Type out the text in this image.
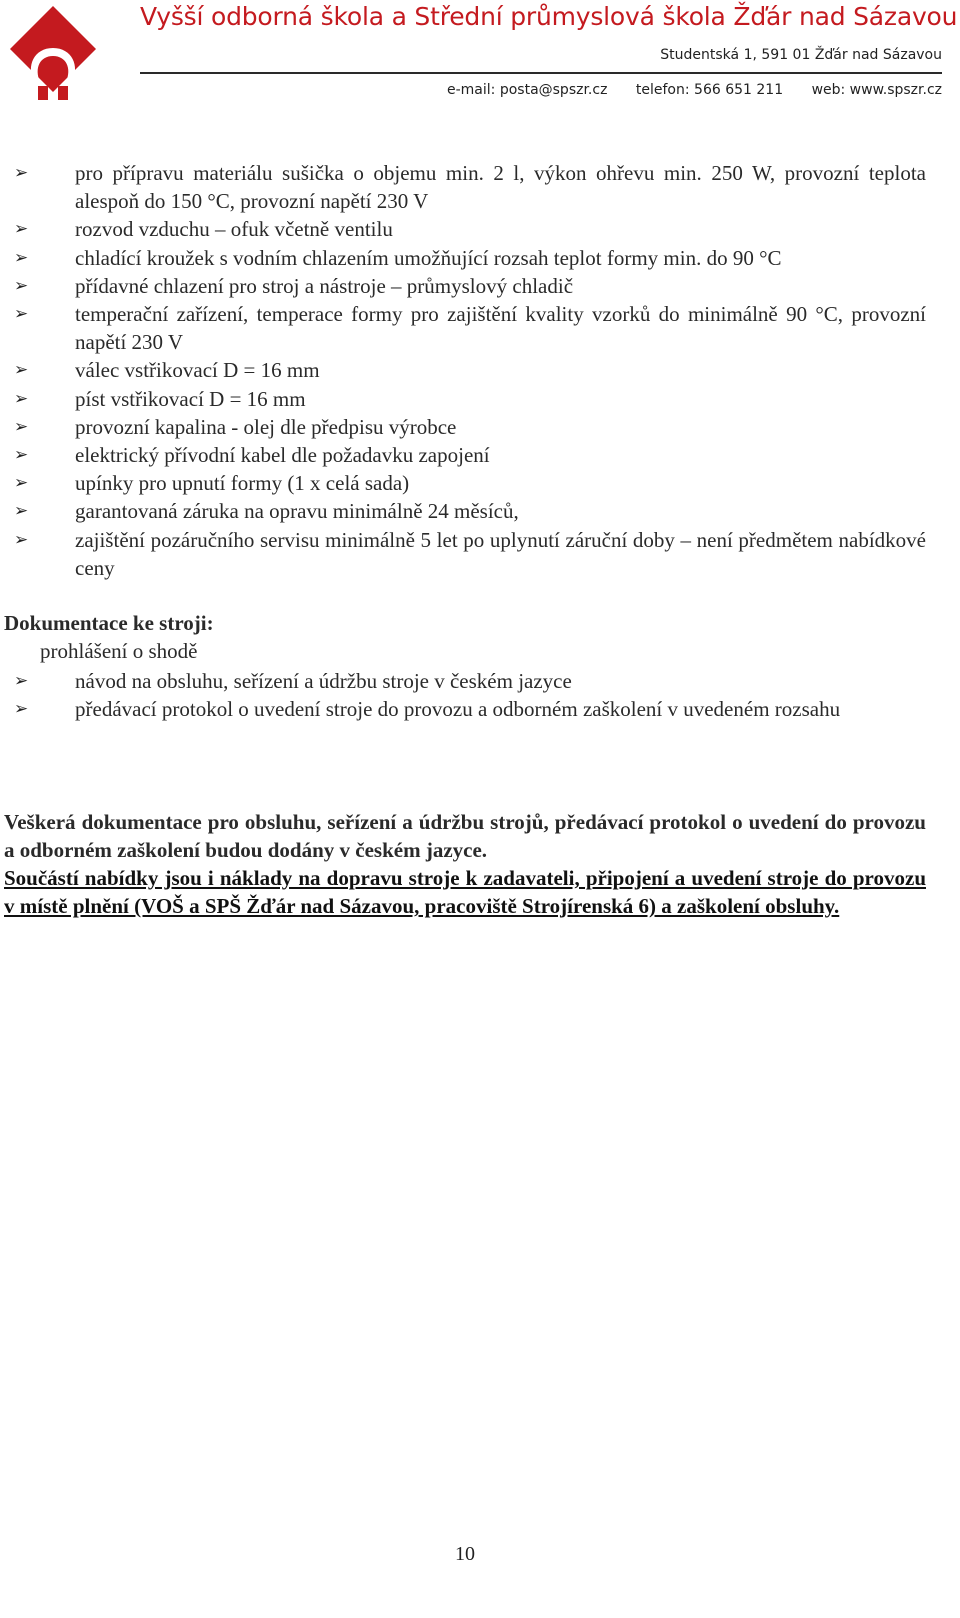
Vyšší odborná škola a Střední průmyslová škola Žďár nad Sázavou
Studentská 1, 591 01 Žďár nad Sázavou
e-mail: posta@spszr.cz telefon: 566 651 211 web: www.spszr.cz
➢ pro přípravu materiálu sušička o objemu min. 2 l, výkon ohřevu min. 250 W, provozní teplota alespoň do 150 °C, provozní napětí 230 V
➢ rozvod vzduchu – ofuk včetně ventilu
➢ chladící kroužek s vodním chlazením umožňující rozsah teplot formy min. do 90 °C
➢ přídavné chlazení pro stroj a nástroje – průmyslový chladič
➢ temperační zařízení, temperace formy pro zajištění kvality vzorků do minimálně 90 °C, provozní napětí 230 V
➢ válec vstřikovací D = 16 mm
➢ píst vstřikovací D = 16 mm
➢ provozní kapalina - olej dle předpisu výrobce
➢ elektrický přívodní kabel dle požadavku zapojení
➢ upínky pro upnutí formy (1 x celá sada)
➢ garantovaná záruka na opravu minimálně 24 měsíců,
➢ zajištění pozáručního servisu minimálně 5 let po uplynutí záruční doby – není předmětem nabídkové ceny
Dokumentace ke stroji:
prohlášení o shodě
➢ návod na obsluhu, seřízení a údržbu stroje v českém jazyce
➢ předávací protokol o uvedení stroje do provozu a odborném zaškolení v uvedeném rozsahu
Veškerá dokumentace pro obsluhu, seřízení a údržbu strojů, předávací protokol o uvedení do provozu a odborném zaškolení budou dodány v českém jazyce.
Součástí nabídky jsou i náklady na dopravu stroje k zadavateli, připojení a uvedení stroje do provozu v místě plnění (VOŠ a SPŠ Žďár nad Sázavou, pracoviště Strojírenská 6) a zaškolení obsluhy.
10
